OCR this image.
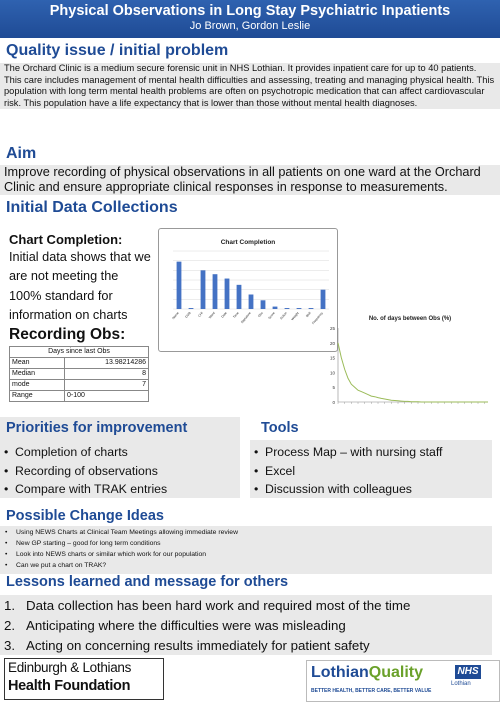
Physical Observations in Long Stay Psychiatric Inpatients
Jo Brown, Gordon Leslie
Quality issue / initial problem
The Orchard Clinic is a medium secure forensic unit in NHS Lothian. It provides inpatient care for up to 40 patients. This care includes management of mental health difficulties and assessing, treating and managing physical health. This population with long term mental health problems are often on psychotropic medication that can affect cardiovascular risk. This population have a life expectancy that is lower than those without mental health diagnoses.
Aim
Improve recording of physical observations in all patients on one ward at the Orchard Clinic and ensure appropriate clinical responses in response to measurements.
Initial Data Collections
Chart Completion:
Initial data shows that we are not meeting the 100% standard for information on charts
Recording Obs:
Days since last Obs	
Mean	13.98214286
Median	8
mode	7
Range	0-100
Chart Completion
Name DOB CHI Ward Date Time Signature Obs Score Action Weight BMI Frequency	No. of days between Obs (%)
25
20
15
10
5
0
Priorities for improvement	Tools
• Completion of charts
• Recording of observations
• Compare with TRAK entries
• Process Map – with nursing staff
• Excel
• Discussion with colleagues
Possible Change Ideas
• Using NEWS Charts at Clinical Team Meetings allowing immediate review
• New GP starting – good for long term conditions
• Look into NEWS charts or similar which work for our population
• Can we put a chart on TRAK?
Lessons learned and message for others
1. Data collection has been hard work and required most of the time
2. Anticipating where the difficulties were was misleading
3. Acting on concerning results immediately for patient safety
Edinburgh & Lothians
Health Foundation
LothianQuality
BETTER HEALTH, BETTER CARE, BETTER VALUE
NHS
Lothian
